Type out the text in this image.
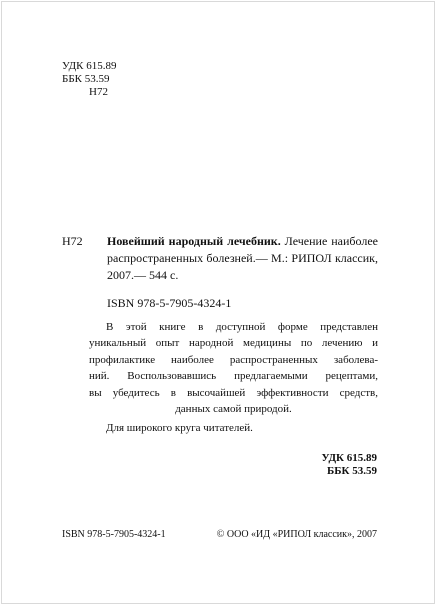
УДК 615.89
ББК 53.59
Н72
Н72 Новейший народный лечебник. Лечение наиболее распространенных болезней.— М.: РИПОЛ классик, 2007.— 544 с.
ISBN 978-5-7905-4324-1
В этой книге в доступной форме представлен
уникальный опыт народной медицины по лечению и
профилактике наиболее распространенных заболева-
ний. Воспользовавшись предлагаемыми рецептами,
вы убедитесь в высочайшей эффективности средств,
данных самой природой.
Для широкого круга читателей.
УДК 615.89
ББК 53.59
ISBN 978-5-7905-4324-1	© ООО «ИД «РИПОЛ классик», 2007
